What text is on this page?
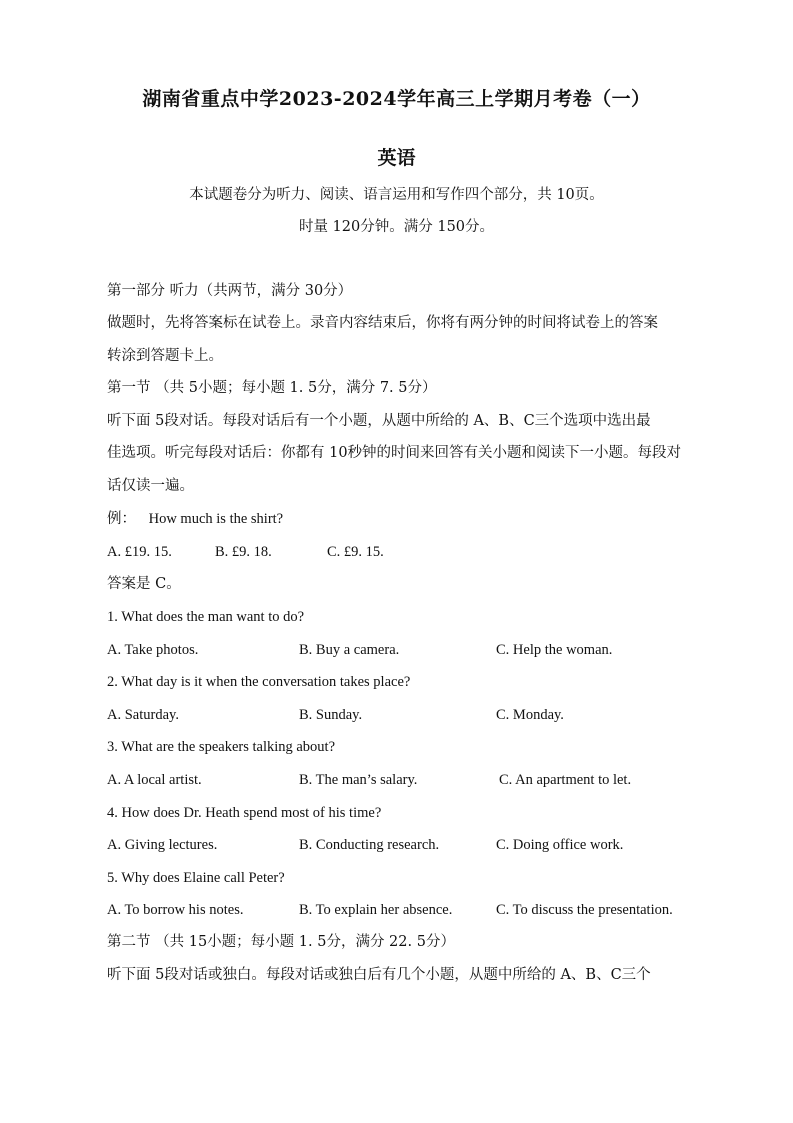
湖南省重点中学2023-2024学年高三上学期月考卷（一）
英语
本试题卷分为听力、阅读、语言运用和写作四个部分，共 10页。
时量 120分钟。满分 150分。
第一部分 听力（共两节，满分 30分）
做题时，先将答案标在试卷上。录音内容结束后，你将有两分钟的时间将试卷上的答案
转涂到答题卡上。
第一节 （共 5小题；每小题 1. 5分，满分 7. 5分）
听下面 5段对话。每段对话后有一个小题，从题中所给的 A、B、C三个选项中选出最
佳选项。听完每段对话后：你都有 10秒钟的时间来回答有关小题和阅读下一小题。每段对
话仅读一遍。
例： How much is the shirt?
A. £19. 15.	B. £9. 18.	C. £9. 15.
答案是 C。
1. What does the man want to do?
A. Take photos.	B. Buy a camera.	C. Help the woman.
2. What day is it when the conversation takes place?
A. Saturday.	B. Sunday.	C. Monday.
3. What are the speakers talking about?
A. A local artist.	B. The man’s salary.	C. An apartment to let.
4. How does Dr. Heath spend most of his time?
A. Giving lectures.	B. Conducting research.	C. Doing office work.
5. Why does Elaine call Peter?
A. To borrow his notes.	B. To explain her absence.	C. To discuss the presentation.
第二节 （共 15小题；每小题 1. 5分，满分 22. 5分）
听下面 5段对话或独白。每段对话或独白后有几个小题，从题中所给的 A、B、C三个
